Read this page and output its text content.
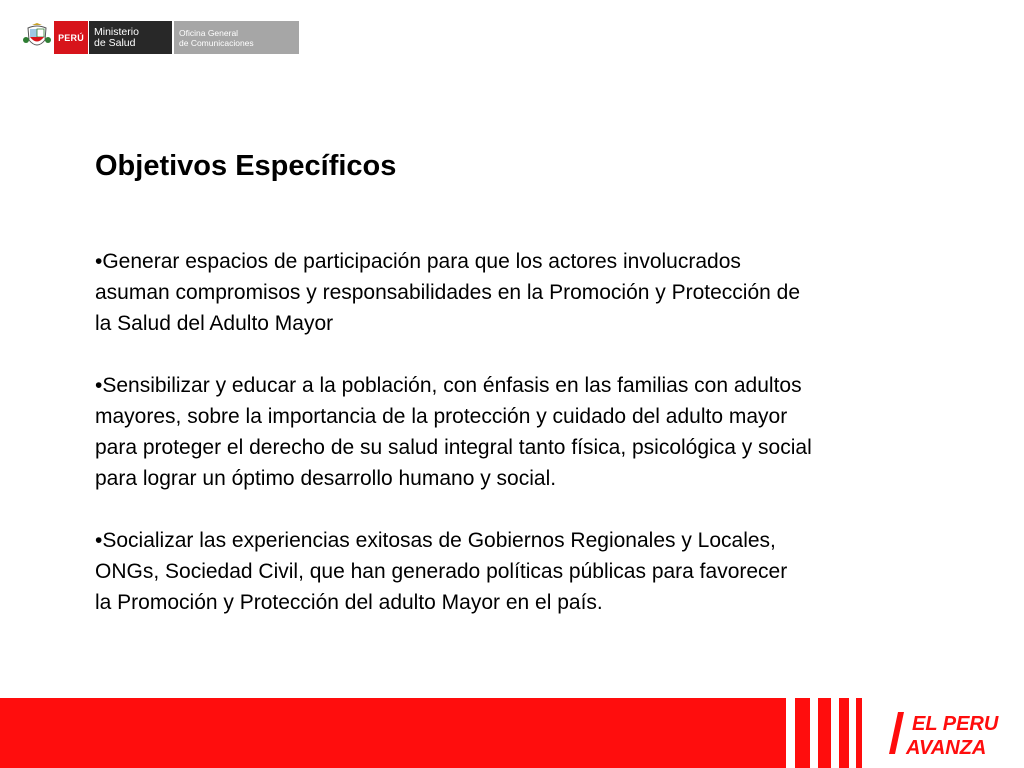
PERÚ Ministerio
de Salud
Oficina General
de Comunicaciones
Objetivos Específicos

•Generar espacios de participación para que los actores involucrados
asuman compromisos y responsabilidades en la Promoción y Protección de
la Salud del Adulto Mayor

•Sensibilizar y educar a la población, con énfasis en las familias con adultos
mayores, sobre la importancia de la protección y cuidado del adulto mayor
para proteger el derecho de su salud integral tanto física, psicológica y social
para lograr un óptimo desarrollo humano y social.

•Socializar las experiencias exitosas de Gobiernos Regionales y Locales,
ONGs, Sociedad Civil, que han generado políticas públicas para favorecer
la Promoción y Protección del adulto Mayor en el país.

EL PERU
AVANZA
